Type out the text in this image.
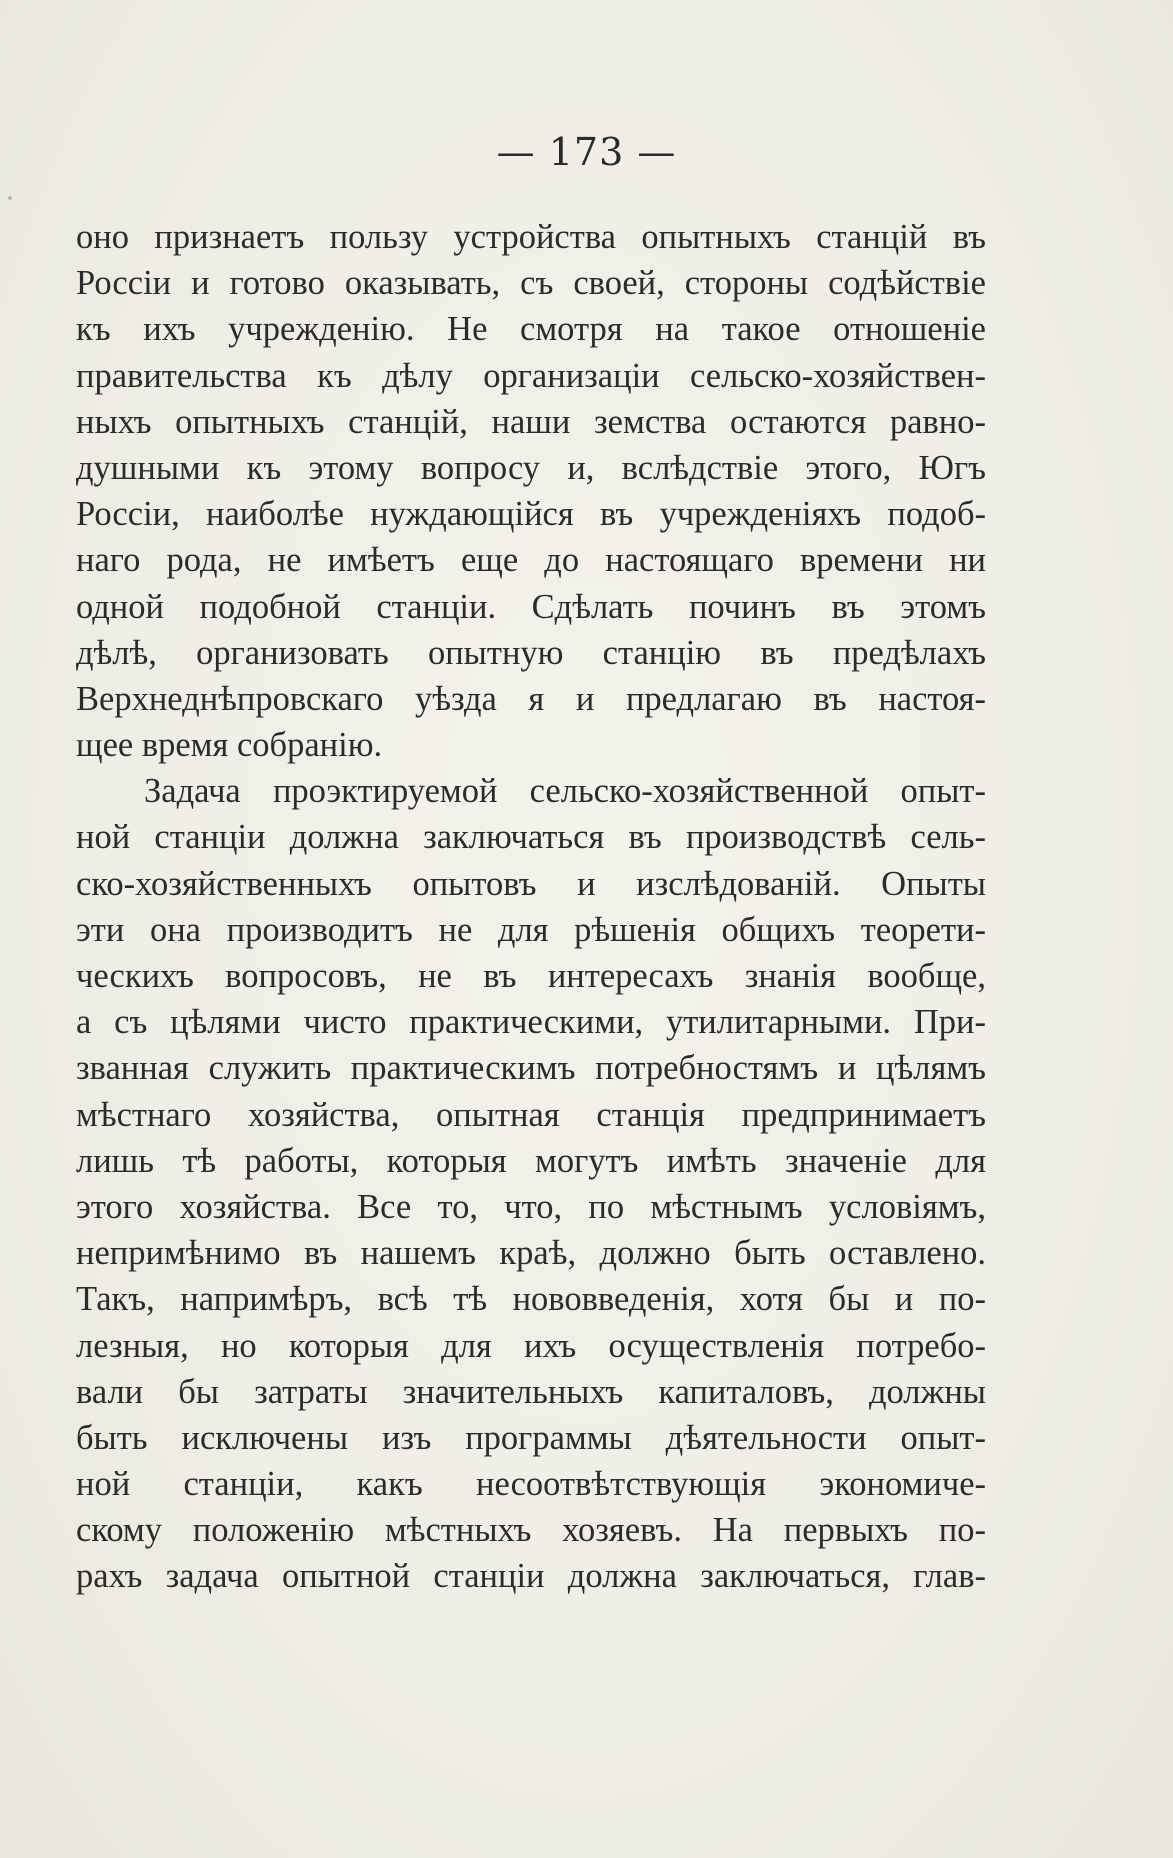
— 173 —
оно признаетъ пользу устройства опытныхъ станцій въ
Россіи и готово оказывать, съ своей, стороны содѣйствіе
къ ихъ учрежденію. Не смотря на такое отношеніе
правительства къ дѣлу организаціи сельско-хозяйствен-
ныхъ опытныхъ станцій, наши земства остаются равно-
душными къ этому вопросу и, вслѣдствіе этого, Югъ
Россіи, наиболѣе нуждающійся въ учрежденіяхъ подоб-
наго рода, не имѣетъ еще до настоящаго времени ни
одной подобной станціи. Сдѣлать починъ въ этомъ
дѣлѣ, организовать опытную станцію въ предѣлахъ
Верхнеднѣпровскаго уѣзда я и предлагаю въ настоя-
щее время собранію.
Задача проэктируемой сельско-хозяйственной опыт-
ной станціи должна заключаться въ производствѣ сель-
ско-хозяйственныхъ опытовъ и изслѣдованій. Опыты
эти она производитъ не для рѣшенія общихъ теорети-
ческихъ вопросовъ, не въ интересахъ знанія вообще,
а съ цѣлями чисто практическими, утилитарными. При-
званная служить практическимъ потребностямъ и цѣлямъ
мѣстнаго хозяйства, опытная станція предпринимаетъ
лишь тѣ работы, которыя могутъ имѣть значеніе для
этого хозяйства. Все то, что, по мѣстнымъ условіямъ,
непримѣнимо въ нашемъ краѣ, должно быть оставлено.
Такъ, напримѣръ, всѣ тѣ нововведенія, хотя бы и по-
лезныя, но которыя для ихъ осуществленія потребо-
вали бы затраты значительныхъ капиталовъ, должны
быть исключены изъ программы дѣятельности опыт-
ной станціи, какъ несоотвѣтствующія экономиче-
скому положенію мѣстныхъ хозяевъ. На первыхъ по-
рахъ задача опытной станціи должна заключаться, глав-
